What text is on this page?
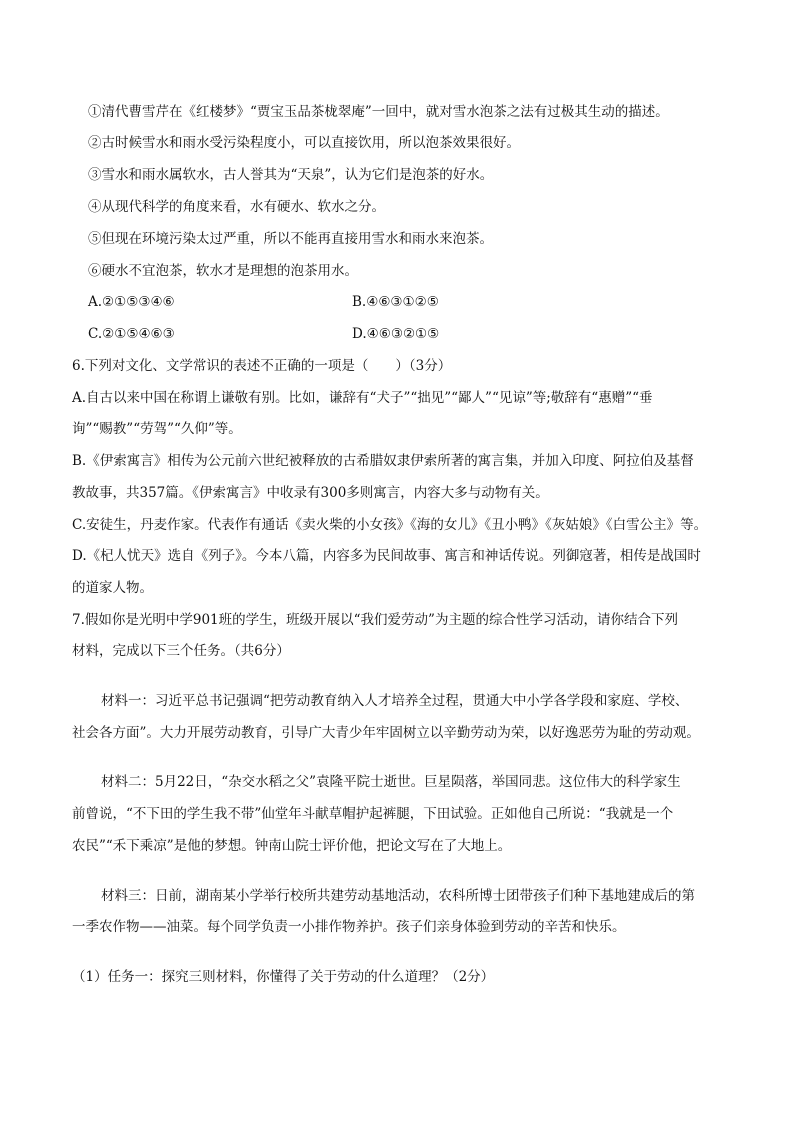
①清代曹雪芹在《红楼梦》“贾宝玉品茶栊翠庵”一回中，就对雪水泡茶之法有过极其生动的描述。
②古时候雪水和雨水受污染程度小，可以直接饮用，所以泡茶效果很好。
③雪水和雨水属软水，古人誉其为“天泉”，认为它们是泡茶的好水。
④从现代科学的角度来看，水有硬水、软水之分。
⑤但现在环境污染太过严重，所以不能再直接用雪水和雨水来泡茶。
⑥硬水不宜泡茶，软水才是理想的泡茶用水。
A.②①⑤③④⑥	B.④⑥③①②⑤
C.②①⑤④⑥③	D.④⑥③②①⑤
6.下列对文化、文学常识的表述不正确的一项是（　　）（3分）
A.自古以来中国在称谓上谦敬有别。比如，谦辞有“犬子”“拙见”“鄙人”“见谅”等;敬辞有“惠赠”“垂
询”“赐教”“劳驾”“久仰”等。
B.《伊索寓言》相传为公元前六世纪被释放的古希腊奴隶伊索所著的寓言集，并加入印度、阿拉伯及基督
教故事，共357篇。《伊索寓言》中收录有300多则寓言，内容大多与动物有关。
C.安徒生，丹麦作家。代表作有通话《卖火柴的小女孩》《海的女儿》《丑小鸭》《灰姑娘》《白雪公主》等。
D.《杞人忧天》选自《列子》。今本八篇，内容多为民间故事、寓言和神话传说。列御寇著，相传是战国时
的道家人物。
7.假如你是光明中学901班的学生，班级开展以“我们爱劳动”为主题的综合性学习活动，请你结合下列
材料，完成以下三个任务。（共6分）
材料一：习近平总书记强调“把劳动教育纳入人才培养全过程，贯通大中小学各学段和家庭、学校、
社会各方面”。大力开展劳动教育，引导广大青少年牢固树立以辛勤劳动为荣，以好逸恶劳为耻的劳动观。
材料二：5月22日，“杂交水稻之父”袁隆平院士逝世。巨星陨落，举国同悲。这位伟大的科学家生
前曾说，“不下田的学生我不带”仙堂年斗献草帽护起裤腿，下田试验。正如他自己所说：“我就是一个
农民”“禾下乘凉”是他的梦想。钟南山院士评价他，把论文写在了大地上。
材料三：日前，湖南某小学举行校所共建劳动基地活动，农科所博士团带孩子们种下基地建成后的第
一季农作物——油菜。每个同学负责一小排作物养护。孩子们亲身体验到劳动的辛苦和快乐。
（1）任务一：探究三则材料，你懂得了关于劳动的什么道理？（2分）
